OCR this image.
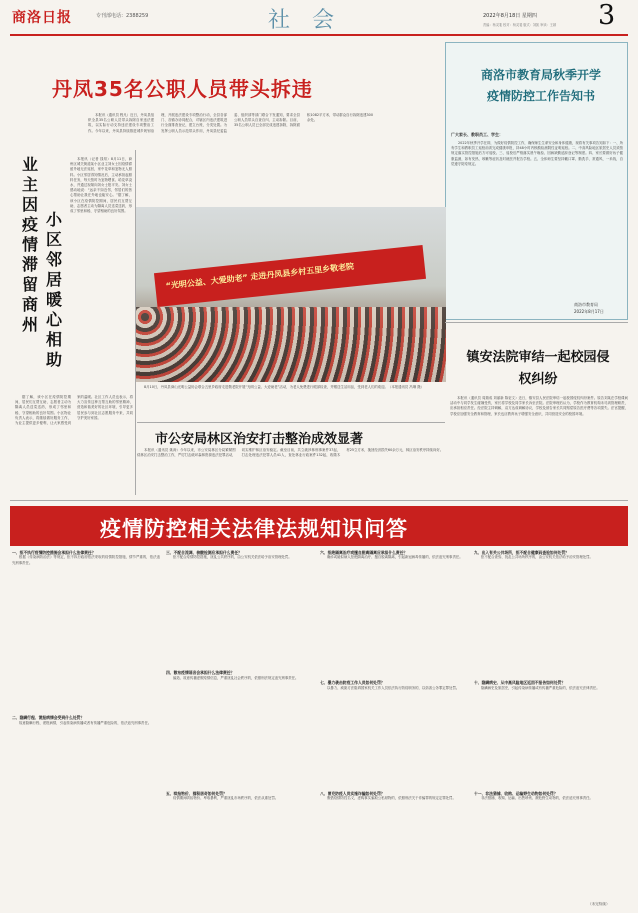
商洛日报	专刊部电话：2388259	社　会	2022年8月18日 星期四
责编：杨灵斐 校对：杨灵斐 版式：刘凯 审读：王颖 3
丹凤35名公职人员带头拆违

本报讯（通讯员 程凡）近日，丹凤县组织全县35名公职人员带头拆除自家违法建筑，以实际行动支持违法建设专项整治工作。今年以来，丹凤县持续推进城乡规划治理，开展违法建设专项整治行动，全县各部门、各镇办协同配合，对辖区内违法建筑进行全面排查登记，建立台账，分类处置。为发挥公职人员示范带头作用，丹凤县纪委监委、组织部等部门联合下发通知，要求全县公职人员带头自查自纠、主动拆除。目前，35名公职人员已全部完成违建拆除，拆除面积1082平方米，带动群众自行拆除违建300余处。

商洛市教育局秋季开学疫情防控工作告知书
广大家长、教职员工、学生：

2022年秋季开学在即，为做好疫情防控工作，确保师生生命安全和身体健康，现将有关事项告知如下：一、所有学生和教职员工返校前须完成健康申报，持48小时内核酸检测阴性证明返校。二、中高风险地区旅居史人员须按规定落实管控措施后方可返校。三、返校后严格落实晨午晚检、因病缺勤追踪登记等制度。四、家长要做好孩子健康监测，如有发热、咳嗽等症状及时就医并报告学校。五、全体师生要坚持戴口罩、勤洗手、常通风、一米线，自觉遵守防疫规定。

商洛市教育局
2022年8月17日
业
主
因
疫
情
滞
留
商
州
小
区
邻
居
暖
心
相
助

本报讯（记者 钱易）8月11日，商州区城关街道某小区业主刘女士因疫情滞留外地无法返回，家中花草和宠物无人照料。小区邻居得知情况后，主动承担起照料任务，每天按时为宠物喂食、给花草浇水，并通过视频向刘女士报平安。刘女士感动地说：“远亲不如近邻，邻居们的热心帮助让我在外地也能安心。”据了解，该小区在疫情防控期间，居民们互帮互助，志愿者主动为隔离人员送菜送药，形成了邻里和睦、守望相助的良好氛围。

据了解，该小区在疫情防控期间，居民们互帮互助，志愿者主动为隔离人员送菜送药，形成了邻里和睦、守望相助的良好氛围。小区物业负责人表示，将继续做好服务工作，为业主提供更多便利，让大家感受到家的温暖。社区工作人员也表示，将大力宣传这种互帮互助的邻里精神，营造和谐美好的社区环境，引导更多居民参与到社区志愿服务中来，共同守护美好家园。

“光明公益、大爱助老” 走进丹凤县乡村五里乡敬老院

8月10日，丹凤县商山光明公益协会联合五里乡政府走进敬老院开展“光明公益、大爱助老”活动，为老人免费进行眼部检查，并赠送生活用品，受到老人们的欢迎。（本报通讯员 冯琳 摄）

镇安法院审结一起校园侵权纠纷

本报讯（通讯员 周瑞成 刘丽新 陈吏文）近日，镇安县人民法院审结一起校园侵权纠纷案件。原告刘某在学校课间活动中与同学发生碰撞受伤，家长将学校及同学家长诉至法院。法院审理后认为，学校作为教育机构未尽到管理职责，应承担相应责任。经法院主持调解，双方达成调解协议，学校及被告家长共同赔偿原告医疗费等各项损失。法官提醒，学校应加强安全教育和管理，家长也应教育孩子增强安全意识，共同营造安全的校园环境。

市公安局林区治安打击整治成效显著

本报讯（通讯员 姚涛）今年以来，市公安局林区分局紧紧围绕林区治安打击整治工作，严厉打击破坏森林资源违法犯罪活动，切实维护林区治安稳定。截至目前，共立破涉林刑事案件37起，打击处理违法犯罪人员41人，查处林业行政案件132起，收缴木材25立方米，挽回经济损失60余万元，林区治安秩序持续向好。

疫情防控相关法律法规知识问答
一、拒不执行疫情防控措施会承担什么法律责任？

根据《传染病防治法》等规定，拒不执行政府依法采取的疫情防控措施，情节严重的，依法追究刑事责任。

二、隐瞒行程、谎报病情会受到什么处罚？

故意隐瞒行程、谎报病情，引起传染病传播或者有传播严重危险的，依法追究刑事责任。

三、不配合流调、核酸检测应承担什么责任？

拒不配合疫情防控措施，扰乱公共秩序的，由公安机关依法给予治安管理处罚。

四、散布疫情谣言会承担什么法律责任？

编造、故意传播虚假疫情信息，严重扰乱社会秩序的，依照刑法规定追究刑事责任。

五、哄抬物价、囤积居奇如何处罚？

疫情期间哄抬物价、牟取暴利，严重扰乱市场秩序的，依法从重处罚。

六、拒绝隔离治疗或擅自脱离隔离应承担什么责任？

确诊或疑似病人拒绝隔离治疗、擅自脱离隔离，引起新冠病毒传播的，依法追究刑事责任。

七、暴力袭击防疫工作人员如何处罚？

以暴力、威胁方法阻碍国家机关工作人员依法执行防疫职务的，以妨害公务罪定罪处罚。

八、冒充防疫人员实施诈骗如何处罚？

假借疫情防控名义，虚构事实骗取公私财物的，依照刑法关于诈骗罪的规定定罪处罚。

九、出入有关公共场所，拒不配合健康码查验如何处罚？

拒不配合查验、扰乱公共场所秩序的，由公安机关依法给予治安管理处罚。

十、隐瞒病史、从中高风险地区返回不报告如何处罚？

隐瞒病史及旅居史，引起传染病传播或有传播严重危险的，依法追究法律责任。

十一、非法猎捕、收购、运输野生动物如何处罚？

非法猎捕、收购、运输、出售珍贵、濒危野生动物的，依法追究刑事责任。

（未完待续）
